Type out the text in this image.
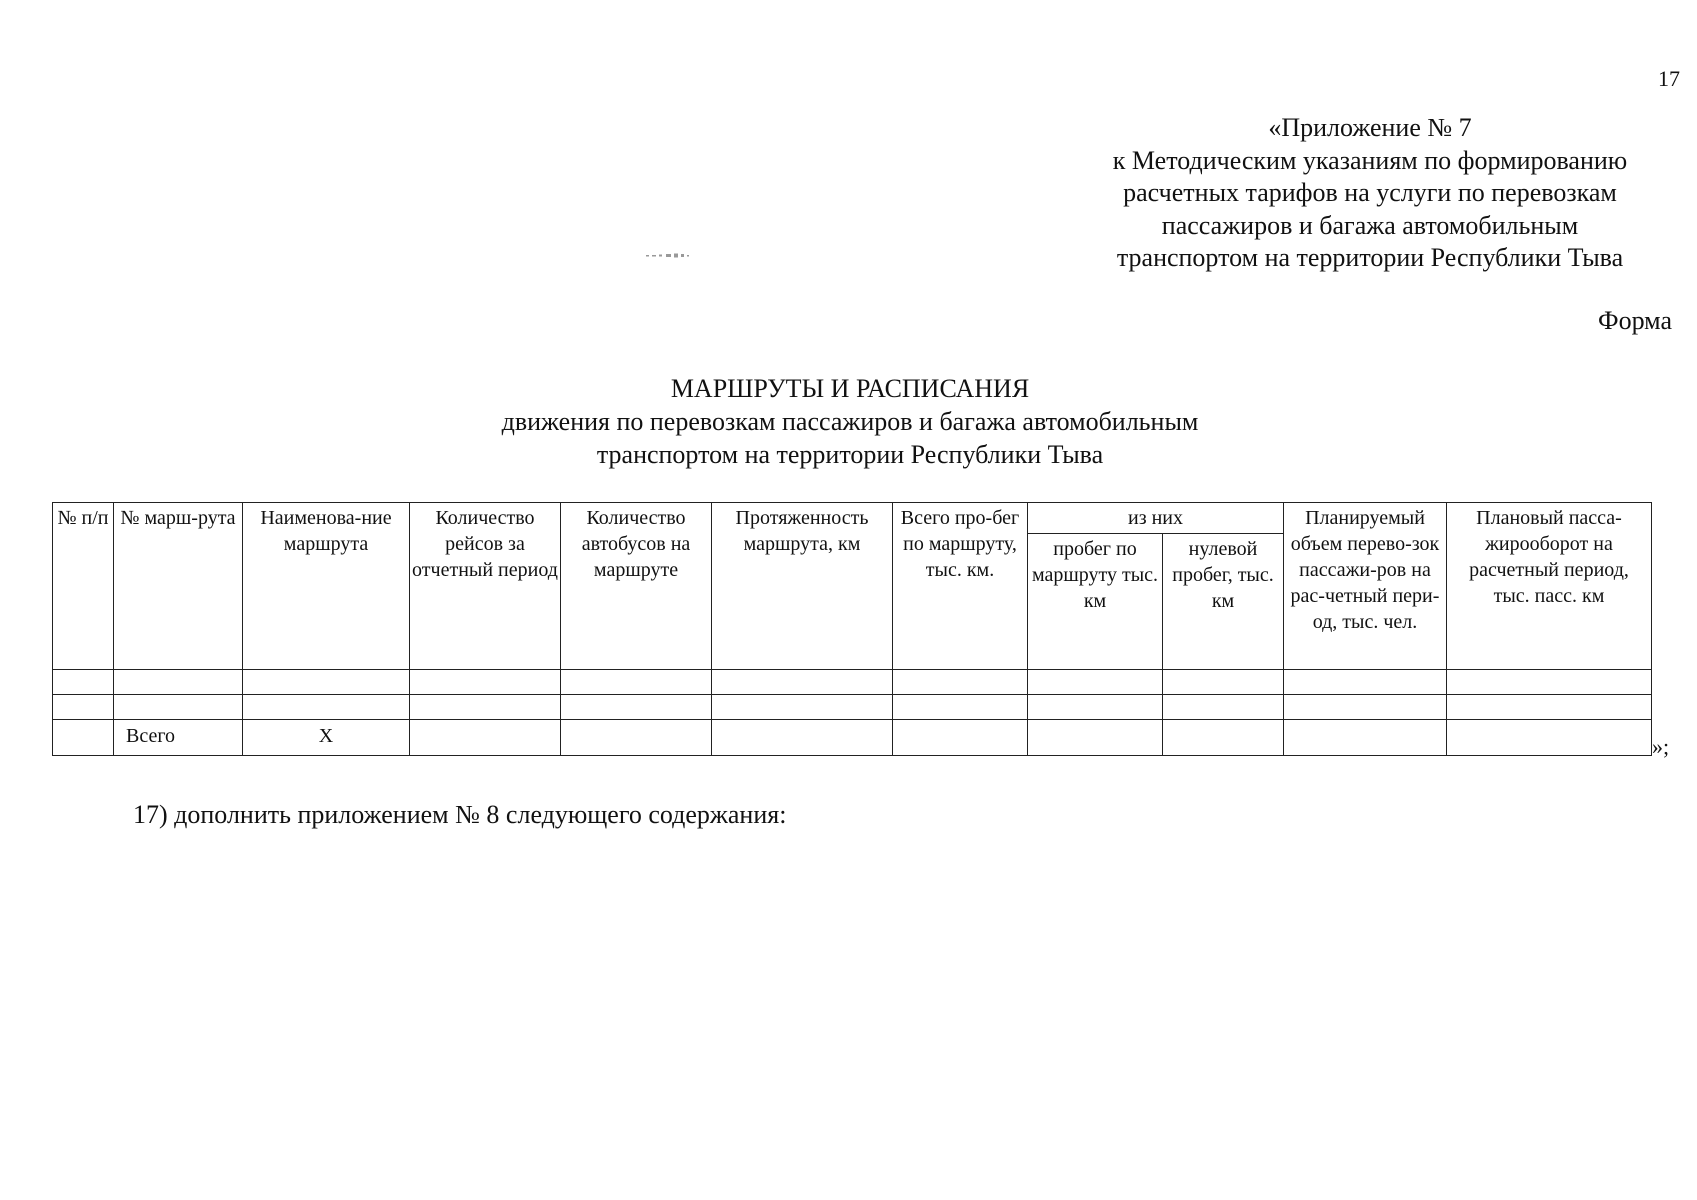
17
«Приложение № 7
к Методическим указаниям по формированию
расчетных тарифов на услуги по перевозкам
пассажиров и багажа автомобильным
транспортом на территории Республики Тыва
Форма
МАРШРУТЫ И РАСПИСАНИЯ
движения по перевозкам пассажиров и багажа автомобильным
транспортом на территории Республики Тыва
№ п/п	№ марш-рута	Наименова-ние маршрута	Количество рейсов за отчетный период	Количество автобусов на маршруте	Протяженность маршрута, км	Всего про-бег по маршруту, тыс. км.	из них		Планируемый объем перево-зок пассажи-ров на рас-четный пери-од, тыс. чел.	Плановый пасса-жирооборот на расчетный период, тыс. пасс. км
							пробег по маршруту тыс. км	нулевой пробег, тыс. км		

	Всего	X									»;
17) дополнить приложением № 8 следующего содержания:
